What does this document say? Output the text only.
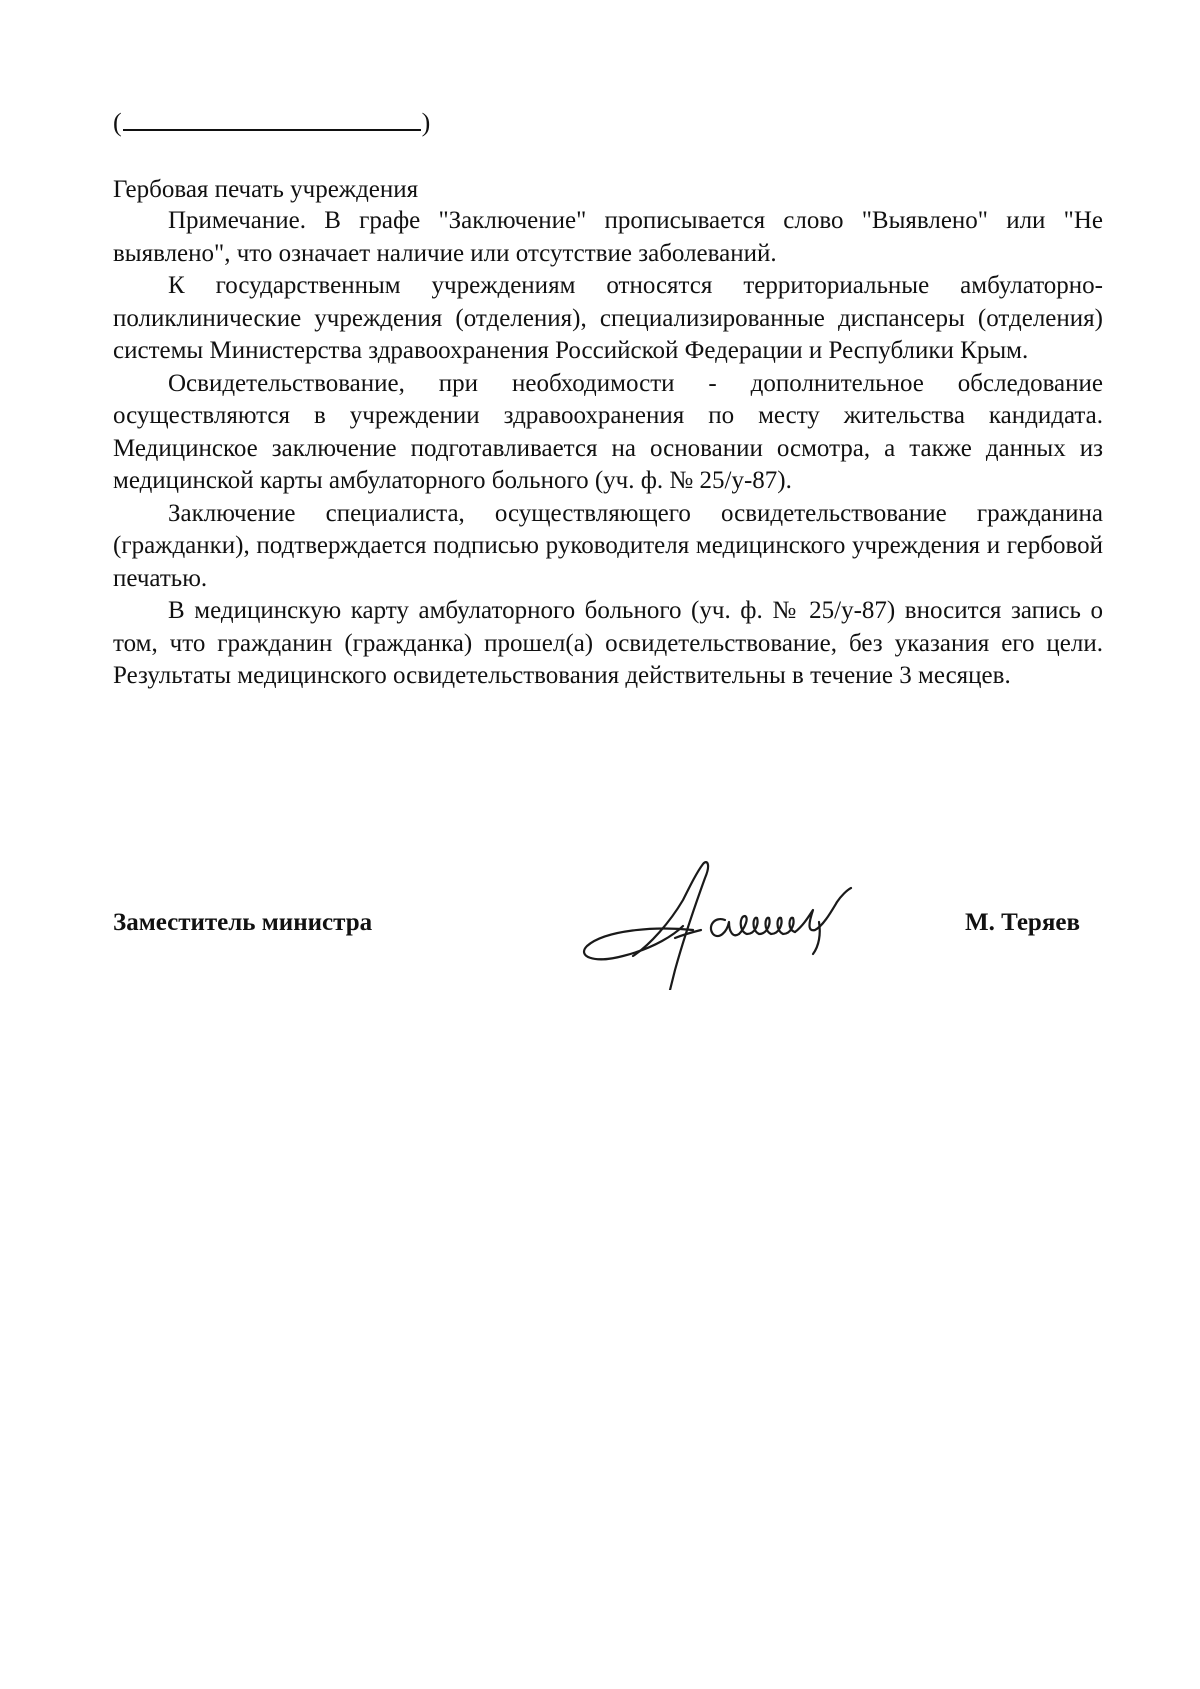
(	)
Гербовая печать учреждения

Примечание. В графе "Заключение" прописывается слово "Выявлено" или "Не выявлено", что означает наличие или отсутствие заболеваний.

К государственным учреждениям относятся территориальные амбулаторно-поликлинические учреждения (отделения), специализированные диспансеры (отделения) системы Министерства здравоохранения Российской Федерации и Республики Крым.

Освидетельствование, при необходимости - дополнительное обследование осуществляются в учреждении здравоохранения по месту жительства кандидата. Медицинское заключение подготавливается на основании осмотра, а также данных из медицинской карты амбулаторного больного (уч. ф. № 25/у-87).

Заключение специалиста, осуществляющего освидетельствование гражданина (гражданки), подтверждается подписью руководителя медицинского учреждения и гербовой печатью.

В медицинскую карту амбулаторного больного (уч. ф. № 25/у-87) вносится запись о том, что гражданин (гражданка) прошел(а) освидетельствование, без указания его цели. Результаты медицинского освидетельствования действительны в течение 3 месяцев.

Заместитель министра	М. Теряев
